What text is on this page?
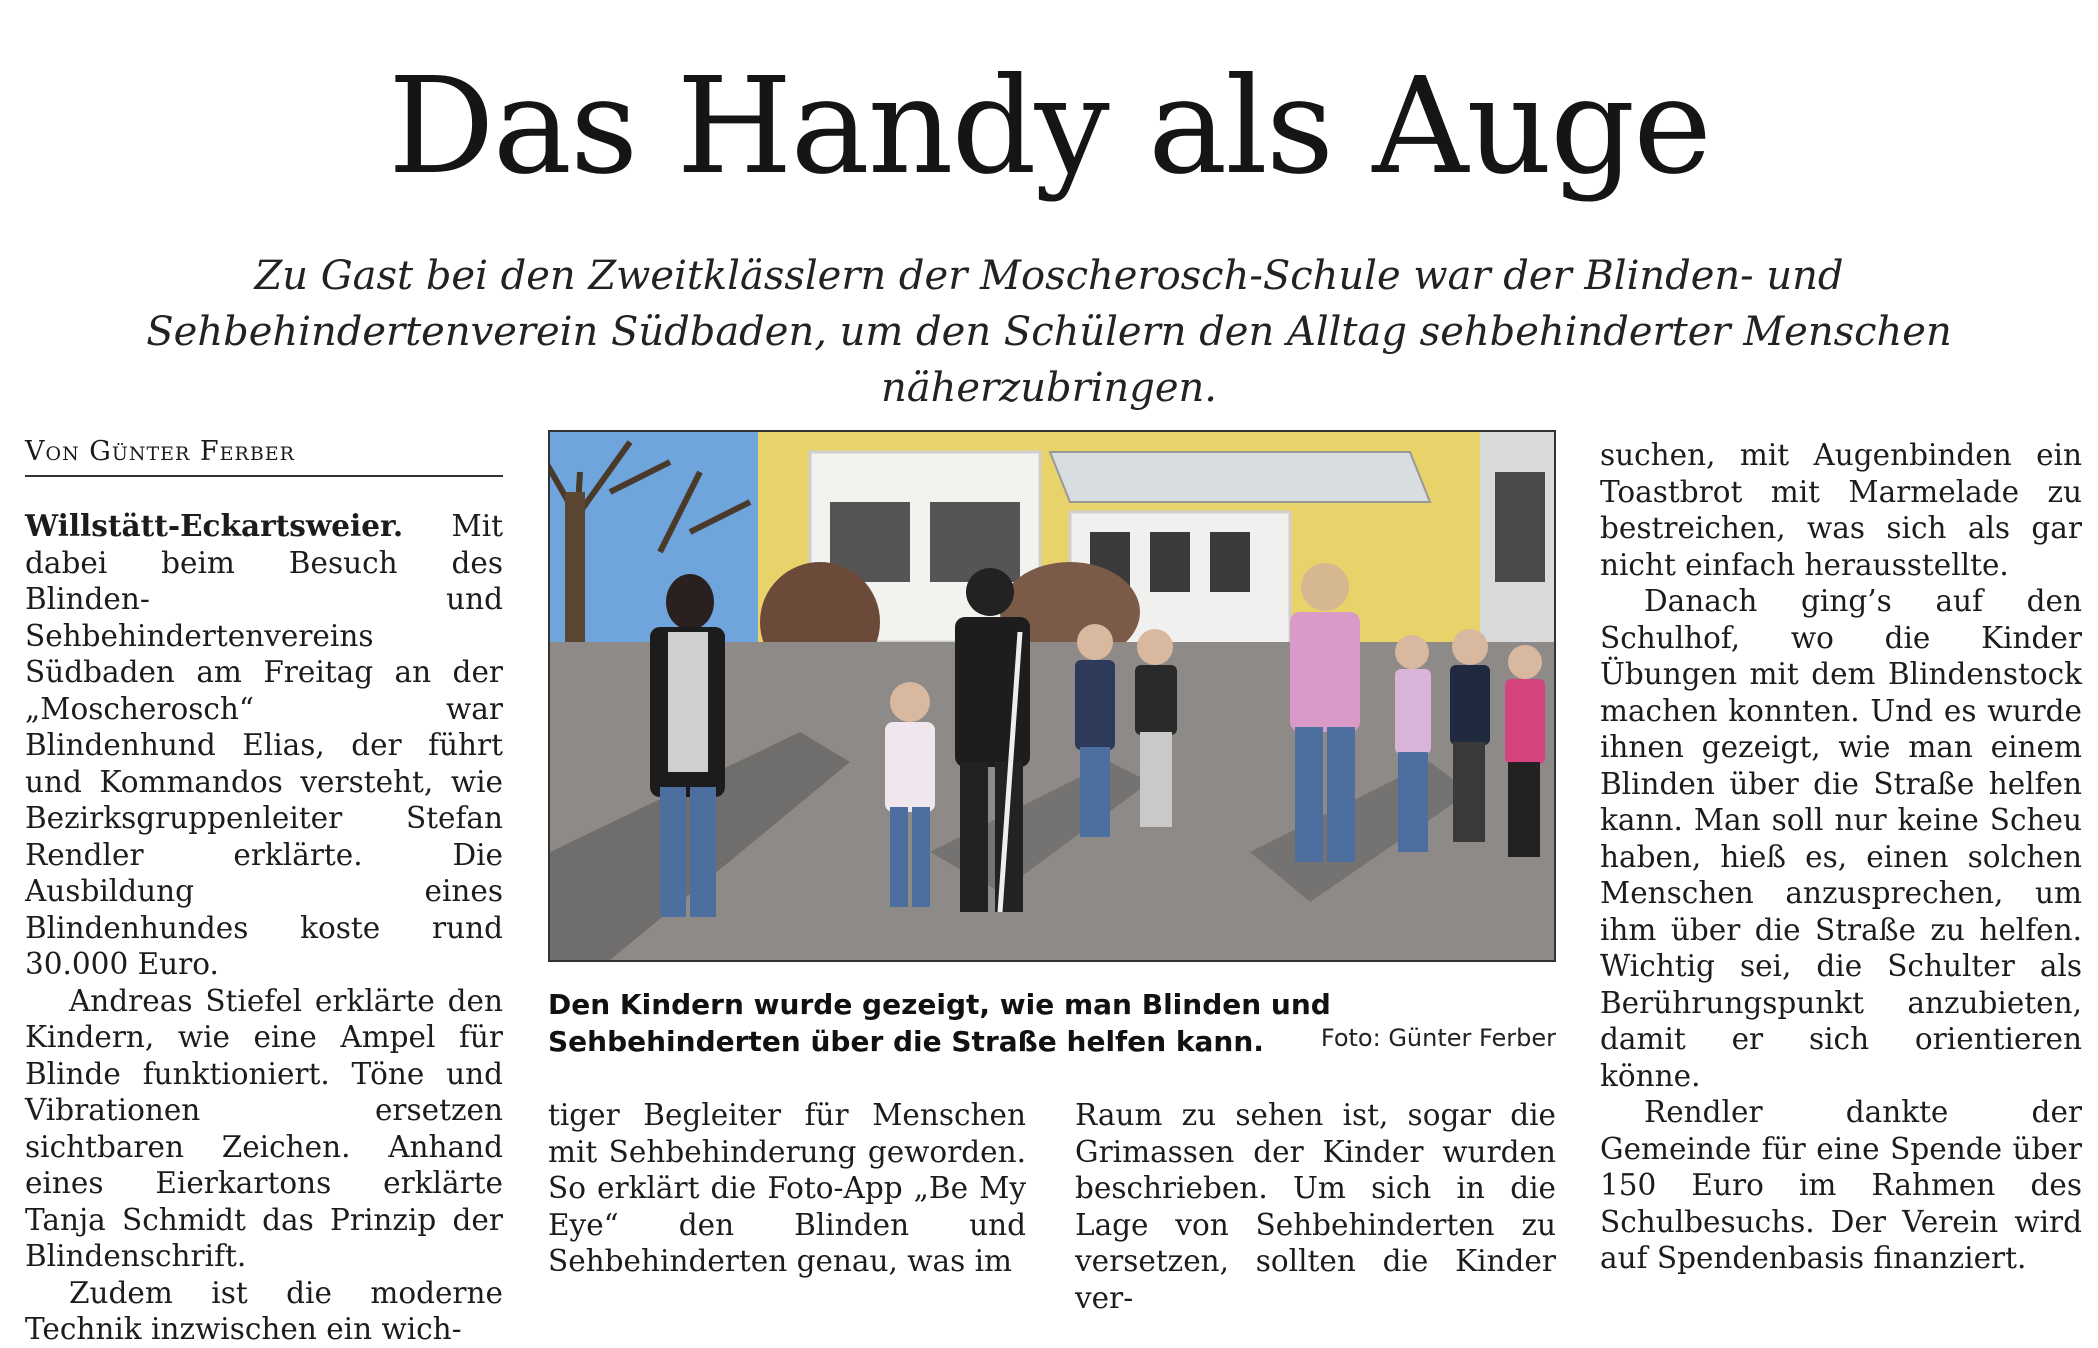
Das Handy als Auge

Zu Gast bei den Zweitklässlern der Moscherosch-Schule war der Blinden- und Sehbehindertenverein Südbaden, um den Schülern den Alltag sehbehinderter Menschen näherzubringen.

Von Günter Ferber

Willstätt-Eckartsweier. Mit dabei beim Besuch des Blinden- und Sehbehindertenvereins Südbaden am Freitag an der „Moscherosch“ war Blindenhund Elias, der führt und Kommandos versteht, wie Bezirksgruppenleiter Stefan Rendler erklärte. Die Ausbildung eines Blindenhundes koste rund 30.000 Euro.

Andreas Stiefel erklärte den Kindern, wie eine Ampel für Blinde funktioniert. Töne und Vibrationen ersetzen sichtbaren Zeichen. Anhand eines Eierkartons erklärte Tanja Schmidt das Prinzip der Blindenschrift.

Zudem ist die moderne Technik inzwischen ein wich-

Den Kindern wurde gezeigt, wie man Blinden und Sehbehinderten über die Straße helfen kann.	Foto: Günter Ferber

tiger Begleiter für Menschen mit Sehbehinderung geworden. So erklärt die Foto-App „Be My Eye“ den Blinden und Sehbehinderten genau, was im

Raum zu sehen ist, sogar die Grimassen der Kinder wurden beschrieben. Um sich in die Lage von Sehbehinderten zu versetzen, sollten die Kinder ver-

suchen, mit Augenbinden ein Toastbrot mit Marmelade zu bestreichen, was sich als gar nicht einfach herausstellte.

Danach ging’s auf den Schulhof, wo die Kinder Übungen mit dem Blindenstock machen konnten. Und es wurde ihnen gezeigt, wie man einem Blinden über die Straße helfen kann. Man soll nur keine Scheu haben, hieß es, einen solchen Menschen anzusprechen, um ihm über die Straße zu helfen. Wichtig sei, die Schulter als Berührungspunkt anzubieten, damit er sich orientieren könne.

Rendler dankte der Gemeinde für eine Spende über 150 Euro im Rahmen des Schulbesuchs. Der Verein wird auf Spendenbasis finanziert.
